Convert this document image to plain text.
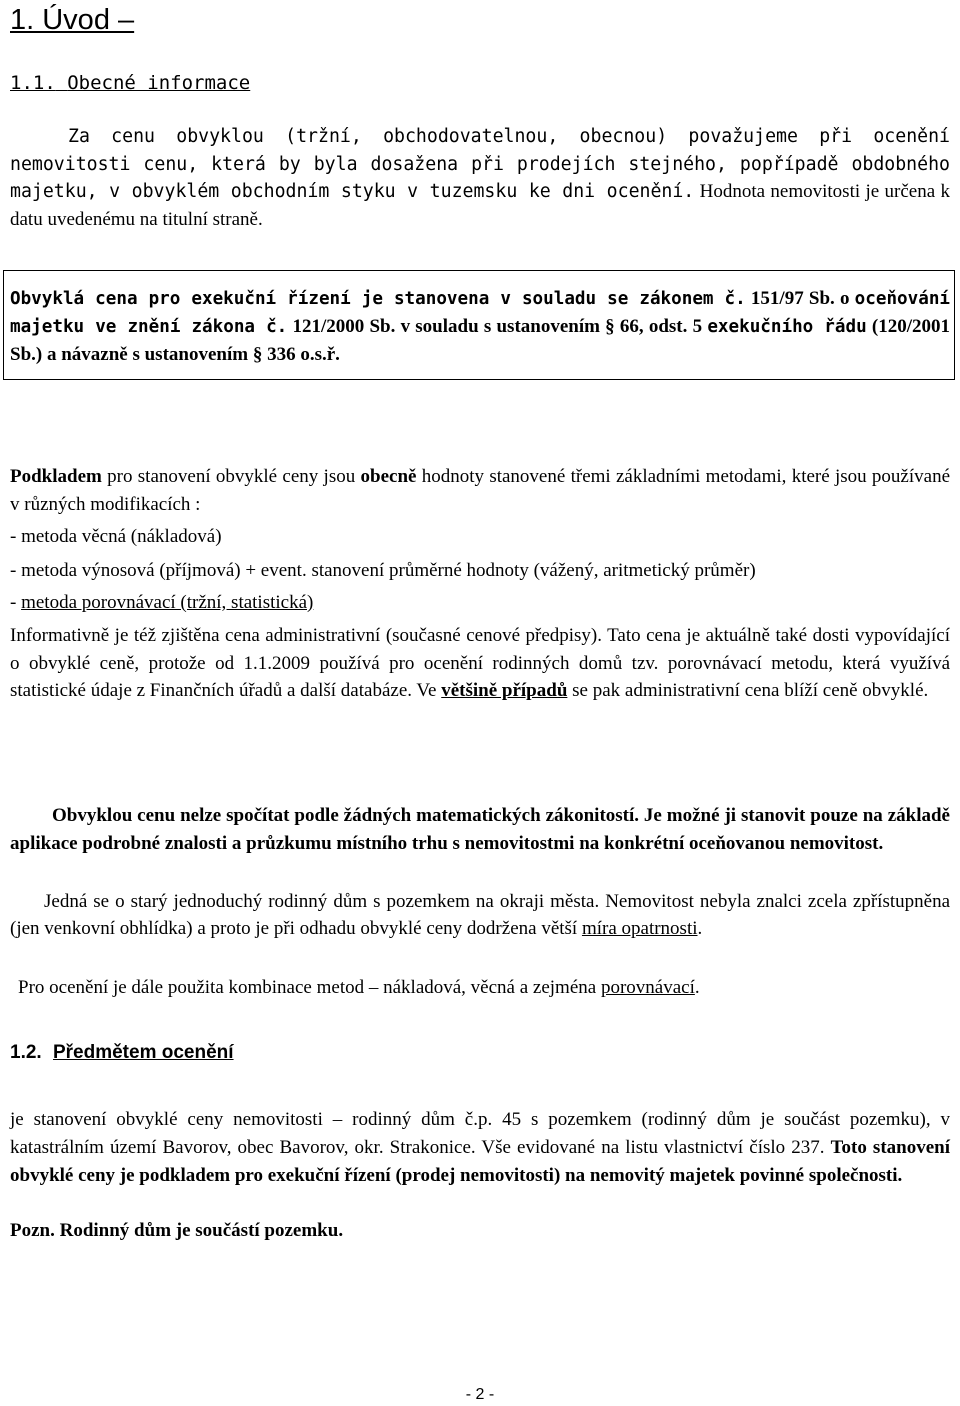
1. Úvod –
1.1. Obecné informace
Za cenu obvyklou (tržní, obchodovatelnou, obecnou) považujeme při ocenění nemovitosti cenu, která by byla dosažena při prodejích stejného, popřípadě obdobného majetku, v obvyklém obchodním styku v tuzemsku ke dni ocenění. Hodnota nemovitosti je určena k datu uvedenému na titulní straně.
Obvyklá cena pro exekuční řízení je stanovena v souladu se zákonem č. 151/97 Sb. o oceňování majetku ve znění zákona č. 121/2000 Sb. v souladu s ustanovením § 66, odst. 5 exekučního řádu (120/2001 Sb.) a návazně s ustanovením § 336 o.s.ř.
Podkladem pro stanovení obvyklé ceny jsou obecně hodnoty stanovené třemi základními metodami, které jsou používané v různých modifikacích :
- metoda věcná (nákladová)
- metoda výnosová (příjmová) + event. stanovení průměrné hodnoty (vážený, aritmetický průměr)
- metoda porovnávací (tržní, statistická)
Informativně je též zjištěna cena administrativní (současné cenové předpisy). Tato cena je aktuálně také dosti vypovídající o obvyklé ceně, protože od 1.1.2009 používá pro ocenění rodinných domů tzv. porovnávací metodu, která využívá statistické údaje z Finančních úřadů a další databáze. Ve většině případů se pak administrativní cena blíží ceně obvyklé.
Obvyklou cenu nelze spočítat podle žádných matematických zákonitostí. Je možné ji stanovit pouze na základě aplikace podrobné znalosti a průzkumu místního trhu s nemovitostmi na konkrétní oceňovanou nemovitost.
Jedná se o starý jednoduchý rodinný dům s pozemkem na okraji města. Nemovitost nebyla znalci zcela zpřístupněna (jen venkovní obhlídka) a proto je při odhadu obvyklé ceny dodržena větší míra opatrnosti.
Pro ocenění je dále použita kombinace metod – nákladová, věcná a zejména porovnávací.
1.2. Předmětem ocenění
je stanovení obvyklé ceny nemovitosti – rodinný dům č.p. 45 s pozemkem (rodinný dům je součást pozemku), v katastrálním území Bavorov, obec Bavorov, okr. Strakonice. Vše evidované na listu vlastnictví číslo 237. Toto stanovení obvyklé ceny je podkladem pro exekuční řízení (prodej nemovitosti) na nemovitý majetek povinné společnosti.
Pozn. Rodinný dům je součástí pozemku.
- 2 -
